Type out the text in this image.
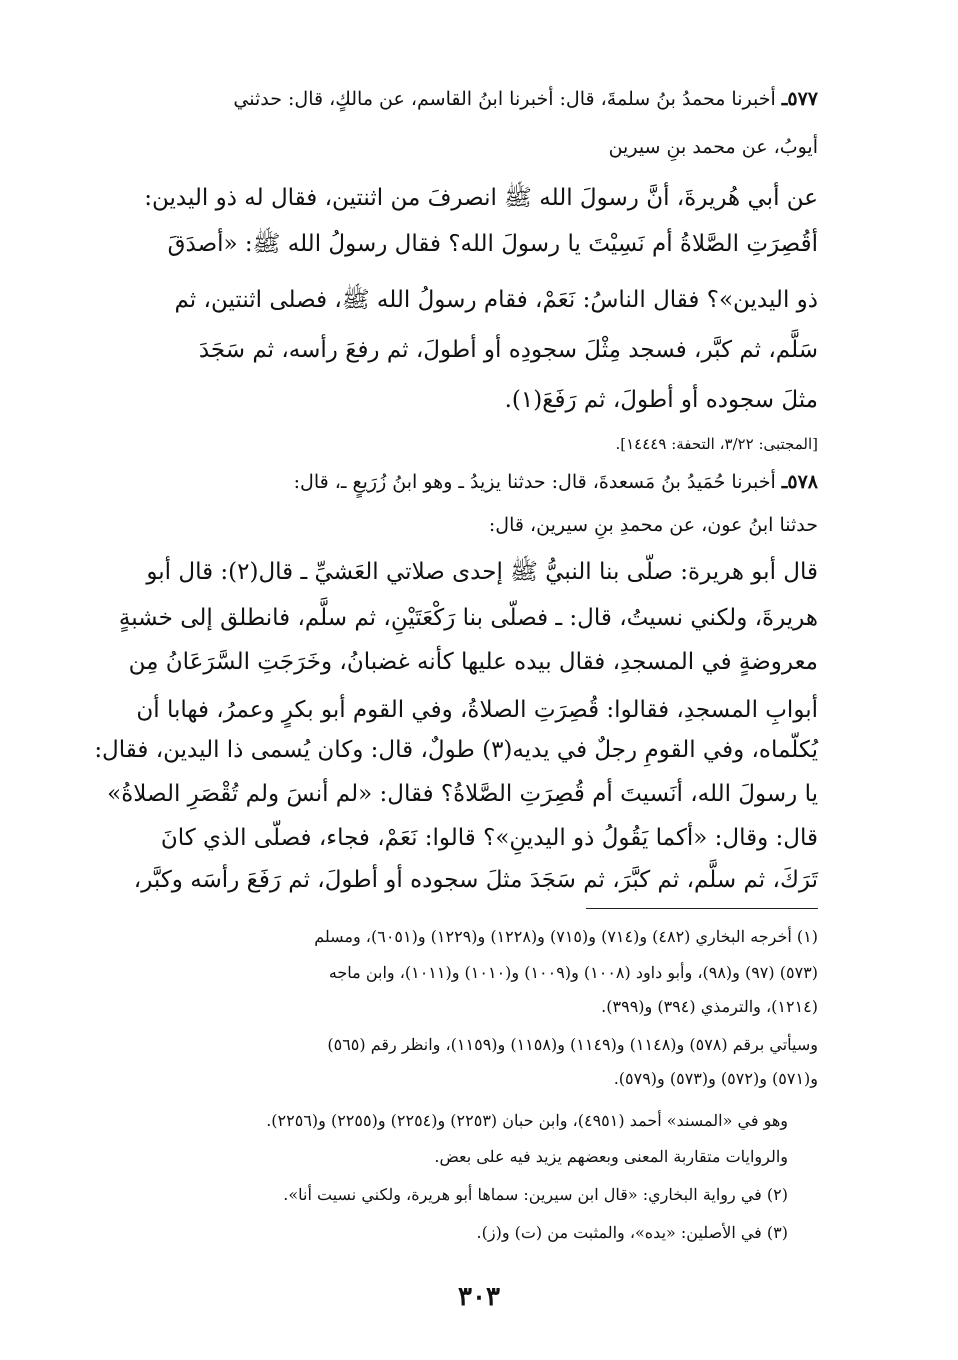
٥٧٧ـ أخبرنا محمدُ بنُ سلمةَ، قال: أخبرنا ابنُ القاسم، عن مالكٍ، قال: حدثني
أيوبُ، عن محمد بنِ سيرين
عن أبي هُريرةَ، أنَّ رسولَ الله ﷺ انصرفَ من اثنتين، فقال له ذو اليدين:
أقُصِرَتِ الصَّلاةُ أم نَسِيْتَ يا رسولَ الله؟ فقال رسولُ الله ﷺ: «أصدَقَ
ذو اليدين»؟ فقال الناسُ: نَعَمْ، فقام رسولُ الله ﷺ، فصلى اثنتين، ثم
سَلَّم، ثم كبَّر، فسجد مِثْلَ سجودِه أو أطولَ، ثم رفعَ رأسه، ثم سَجَدَ
مثلَ سجوده أو أطولَ، ثم رَفَعَ(١).
[المجتبى: ٣/٢٢، التحفة: ١٤٤٤٩].
٥٧٨ـ أخبرنا حُمَيدُ بنُ مَسعدةَ، قال: حدثنا يزيدُ ـ وهو ابنُ زُرَيعٍ ـ، قال:
حدثنا ابنُ عون، عن محمدِ بنِ سيرين، قال:
قال أبو هريرة: صلّى بنا النبيُّ ﷺ إحدى صلاتي العَشيِّ ـ قال(٢): قال أبو
هريرةَ، ولكني نسيتُ، قال: ـ فصلّى بنا رَكْعَتَيْنِ، ثم سلَّم، فانطلق إلى خشبةٍ
معروضةٍ في المسجدِ، فقال بيده عليها كأنه غضبانُ، وخَرَجَتِ السَّرَعَانُ مِن
أبوابِ المسجدِ، فقالوا: قُصِرَتِ الصلاةُ، وفي القوم أبو بكرٍ وعمرُ، فهابا أن
يُكلّماه، وفي القومِ رجلٌ في يديه(٣) طولٌ، قال: وكان يُسمى ذا اليدين، فقال:
يا رسولَ الله، أنَسيتَ أم قُصِرَتِ الصَّلاةُ؟ فقال: «لم أنسَ ولم تُقْصَرِ الصلاةُ»
قال: وقال: «أكما يَقُولُ ذو اليدينِ»؟ قالوا: نَعَمْ، فجاء، فصلّى الذي كانَ
تَرَكَ، ثم سلَّم، ثم كبَّرَ، ثم سَجَدَ مثلَ سجوده أو أطولَ، ثم رَفَعَ رأسَه وكبَّر،
(١) أخرجه البخاري (٤٨٢) و(٧١٤) و(٧١٥) و(١٢٢٨) و(١٢٢٩) و(٦٠٥١)، ومسلم
(٥٧٣) (٩٧) و(٩٨)، وأبو داود (١٠٠٨) و(١٠٠٩) و(١٠١٠) و(١٠١١)، وابن ماجه
(١٢١٤)، والترمذي (٣٩٤) و(٣٩٩).
وسيأتي برقم (٥٧٨) و(١١٤٨) و(١١٤٩) و(١١٥٨) و(١١٥٩)، وانظر رقم (٥٦٥)
و(٥٧١) و(٥٧٢) و(٥٧٣) و(٥٧٩).
وهو في «المسند» أحمد (٤٩٥١)، وابن حبان (٢٢٥٣) و(٢٢٥٤) و(٢٢٥٥) و(٢٢٥٦).
والروايات متقاربة المعنى وبعضهم يزيد فيه على بعض.
(٢) في رواية البخاري: «قال ابن سيرين: سماها أبو هريرة، ولكني نسيت أنا».
(٣) في الأصلين: «يده»، والمثبت من (ت) و(ز).
٣٠٣
